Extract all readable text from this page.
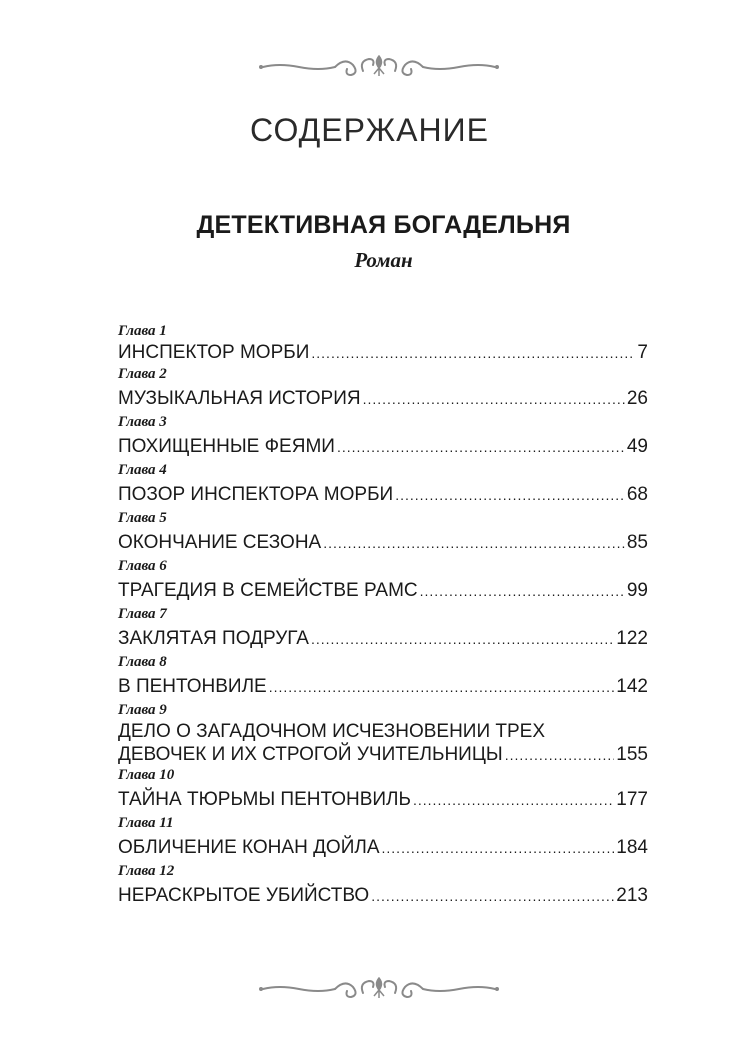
СОДЕРЖАНИЕ
ДЕТЕКТИВНАЯ БОГАДЕЛЬНЯ
Роман
Глава 1
ИНСПЕКТОР МОРБИ .....	7
Глава 2
МУЗЫКАЛЬНАЯ ИСТОРИЯ .....	26
Глава 3
ПОХИЩЕННЫЕ ФЕЯМИ .....	49
Глава 4
ПОЗОР ИНСПЕКТОРА МОРБИ .....	68
Глава 5
ОКОНЧАНИЕ СЕЗОНА .....	85
Глава 6
ТРАГЕДИЯ В СЕМЕЙСТВЕ РАМС .....	99
Глава 7
ЗАКЛЯТАЯ ПОДРУГА .....	122
Глава 8
В ПЕНТОНВИЛЕ .....	142
Глава 9
ДЕЛО О ЗАГАДОЧНОМ ИСЧЕЗНОВЕНИИ ТРЕХ
ДЕВОЧЕК И ИХ СТРОГОЙ УЧИТЕЛЬНИЦЫ .....	155
Глава 10
ТАЙНА ТЮРЬМЫ ПЕНТОНВИЛЬ .....	177
Глава 11
ОБЛИЧЕНИЕ КОНАН ДОЙЛА .....	184
Глава 12
НЕРАСКРЫТОЕ УБИЙСТВО .....	213
